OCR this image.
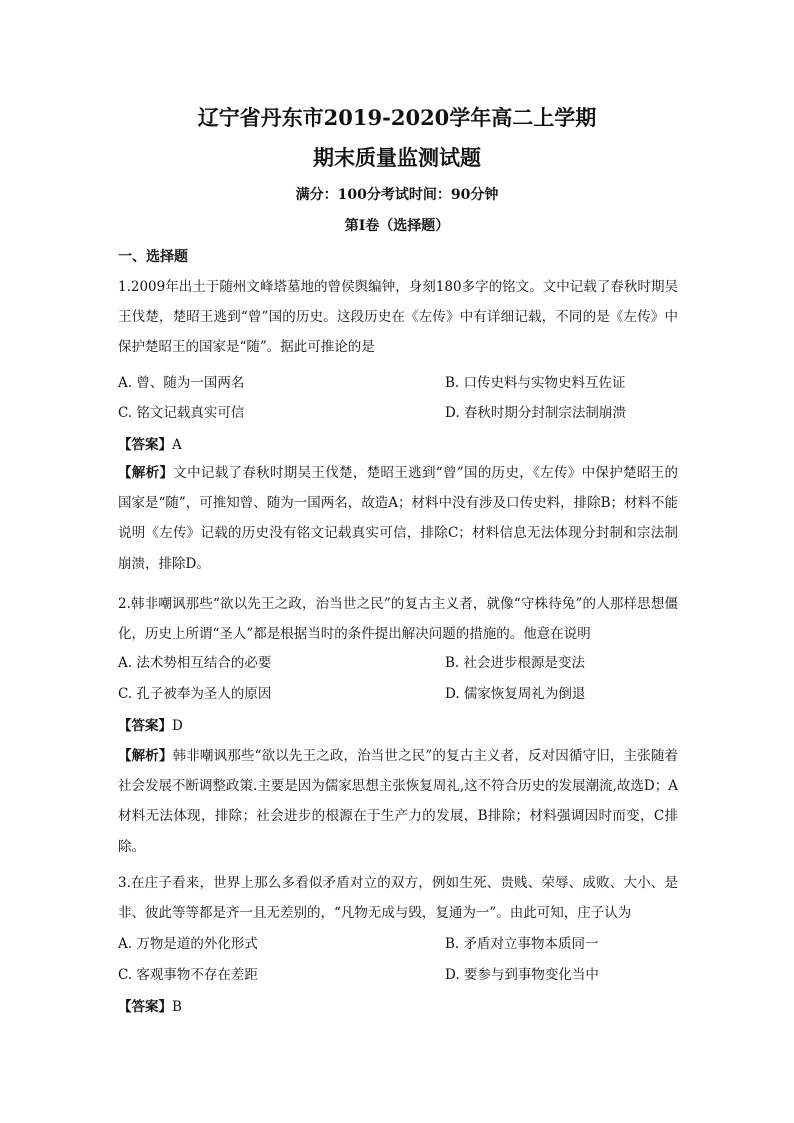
辽宁省丹东市2019-2020学年高二上学期
期末质量监测试题
满分：100分考试时间：90分钟
第Ⅰ卷（选择题）
一、选择题

1.2009年出土于随州文峰塔墓地的曾侯舆编钟，身刻180多字的铭文。文中记载了春秋时期吴王伐楚，楚昭王逃到“曾”国的历史。这段历史在《左传》中有详细记载，不同的是《左传》中保护楚昭王的国家是“随”。据此可推论的是

A. 曾、随为一国两名	B. 口传史料与实物史料互佐证
C. 铭文记载真实可信	D. 春秋时期分封制宗法制崩溃
【答案】A

【解析】文中记载了春秋时期吴王伐楚，楚昭王逃到“曾”国的历史，《左传》中保护楚昭王的国家是“随”，可推知曾、随为一国两名，故造A；材料中没有涉及口传史料，排除B；材料不能说明《左传》记载的历史没有铭文记载真实可信，排除C；材料信息无法体现分封制和宗法制崩溃，排除D。

2.韩非嘲讽那些“欲以先王之政，治当世之民”的复古主义者，就像“守株待兔”的人那样思想僵化，历史上所谓“圣人”都是根据当时的条件提出解决问题的措施的。他意在说明

A. 法术势相互结合的必要	B. 社会进步根源是变法
C. 孔子被奉为圣人的原因	D. 儒家恢复周礼为倒退
【答案】D

【解析】韩非嘲讽那些“欲以先王之政，治当世之民”的复古主义者，反对因循守旧，主张随着社会发展不断调整政策.主要是因为儒家思想主张恢复周礼,这不符合历史的发展潮流,故选D；A材料无法体现，排除；社会进步的根源在于生产力的发展，B排除；材料强调因时而变，C排除。

3.在庄子看来，世界上那么多看似矛盾对立的双方，例如生死、贵贱、荣辱、成败、大小、是非、彼此等等都是齐一且无差别的，“凡物无成与毁，复通为一”。由此可知，庄子认为

A. 万物是道的外化形式	B. 矛盾对立事物本质同一
C. 客观事物不存在差距	D. 要参与到事物变化当中
【答案】B
